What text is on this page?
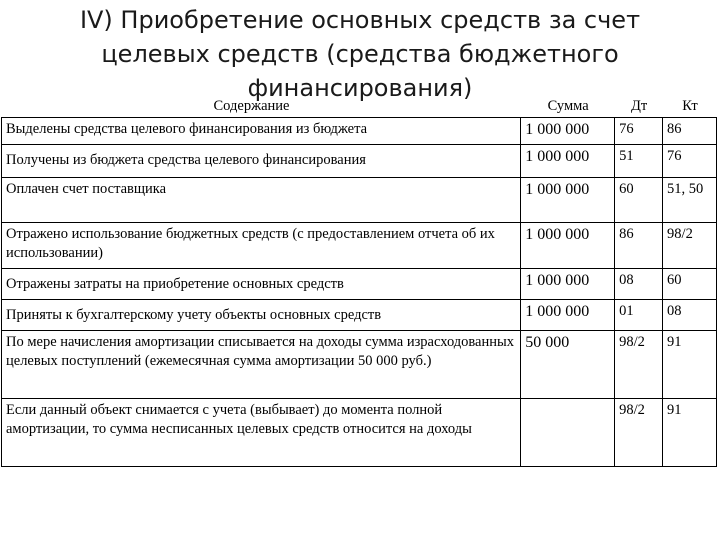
IV) Приобретение основных средств за счет целевых средств (средства бюджетного финансирования)
Содержание	Сумма	Дт	Кт
Выделены средства целевого финансирования из бюджета	1 000 000	76	86
Получены из бюджета средства целевого финансирования	1 000 000	51	76
Оплачен счет поставщика	1 000 000	60	51, 50
Отражено использование бюджетных средств (с предоставлением отчета об их использовании)	1 000 000	86	98/2
Отражены затраты на приобретение основных средств	1 000 000	08	60
Приняты к бухгалтерскому учету объекты основных средств	1 000 000	01	08
По мере начисления амортизации списывается на доходы сумма израсходованных целевых поступлений (ежемесячная сумма амортизации 50 000 руб.)	50 000	98/2	91
Если данный объект снимается с учета (выбывает) до момента полной амортизации, то сумма несписанных целевых средств относится на доходы		98/2	91
